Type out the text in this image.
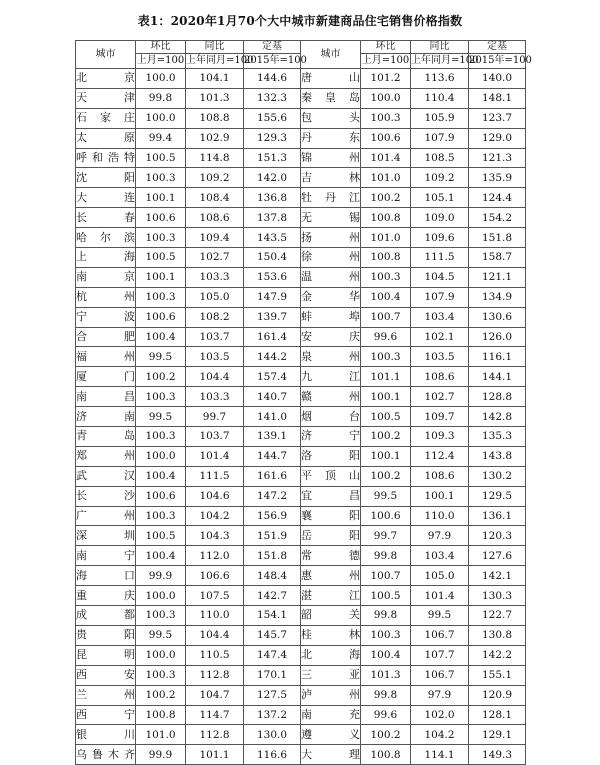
表1：2020年1月70个大中城市新建商品住宅销售价格指数
城市	环比	同比	定基	城市	环比	同比	定基
	上月=100	上年同月=100	2015年=100		上月=100	上年同月=100	2015年=100
北京	100.0	104.1	144.6	唐山	101.2	113.6	140.0
天津	99.8	101.3	132.3	秦皇岛	100.0	110.4	148.1
石家庄	100.0	108.8	155.6	包头	100.3	105.9	123.7
太原	99.4	102.9	129.3	丹东	100.6	107.9	129.0
呼和浩特	100.5	114.8	151.3	锦州	101.4	108.5	121.3
沈阳	100.3	109.2	142.0	吉林	101.0	109.2	135.9
大连	100.1	108.4	136.8	牡丹江	100.2	105.1	124.4
长春	100.6	108.6	137.8	无锡	100.8	109.0	154.2
哈尔滨	100.3	109.4	143.5	扬州	101.0	109.6	151.8
上海	100.5	102.7	150.4	徐州	100.8	111.5	158.7
南京	100.1	103.3	153.6	温州	100.3	104.5	121.1
杭州	100.3	105.0	147.9	金华	100.4	107.9	134.9
宁波	100.6	108.2	139.7	蚌埠	100.7	103.4	130.6
合肥	100.4	103.7	161.4	安庆	99.6	102.1	126.0
福州	99.5	103.5	144.2	泉州	100.3	103.5	116.1
厦门	100.2	104.4	157.4	九江	101.1	108.6	144.1
南昌	100.3	103.3	140.7	赣州	100.1	102.7	128.8
济南	99.5	99.7	141.0	烟台	100.5	109.7	142.8
青岛	100.3	103.7	139.1	济宁	100.2	109.3	135.3
郑州	100.0	101.4	144.7	洛阳	100.1	112.4	143.8
武汉	100.4	111.5	161.6	平顶山	100.2	108.6	130.2
长沙	100.6	104.6	147.2	宜昌	99.5	100.1	129.5
广州	100.3	104.2	156.9	襄阳	100.6	110.0	136.1
深圳	100.5	104.3	151.9	岳阳	99.7	97.9	120.3
南宁	100.4	112.0	151.8	常德	99.8	103.4	127.6
海口	99.9	106.6	148.4	惠州	100.7	105.0	142.1
重庆	100.0	107.5	142.7	湛江	100.5	101.4	130.3
成都	100.3	110.0	154.1	韶关	99.8	99.5	122.7
贵阳	99.5	104.4	145.7	桂林	100.3	106.7	130.8
昆明	100.0	110.5	147.4	北海	100.4	107.7	142.2
西安	100.3	112.8	170.1	三亚	101.3	106.7	155.1
兰州	100.2	104.7	127.5	泸州	99.8	97.9	120.9
西宁	100.8	114.7	137.2	南充	99.6	102.0	128.1
银川	101.0	112.8	130.0	遵义	100.2	104.2	129.1
乌鲁木齐	99.9	101.1	116.6	大理	100.8	114.1	149.3
